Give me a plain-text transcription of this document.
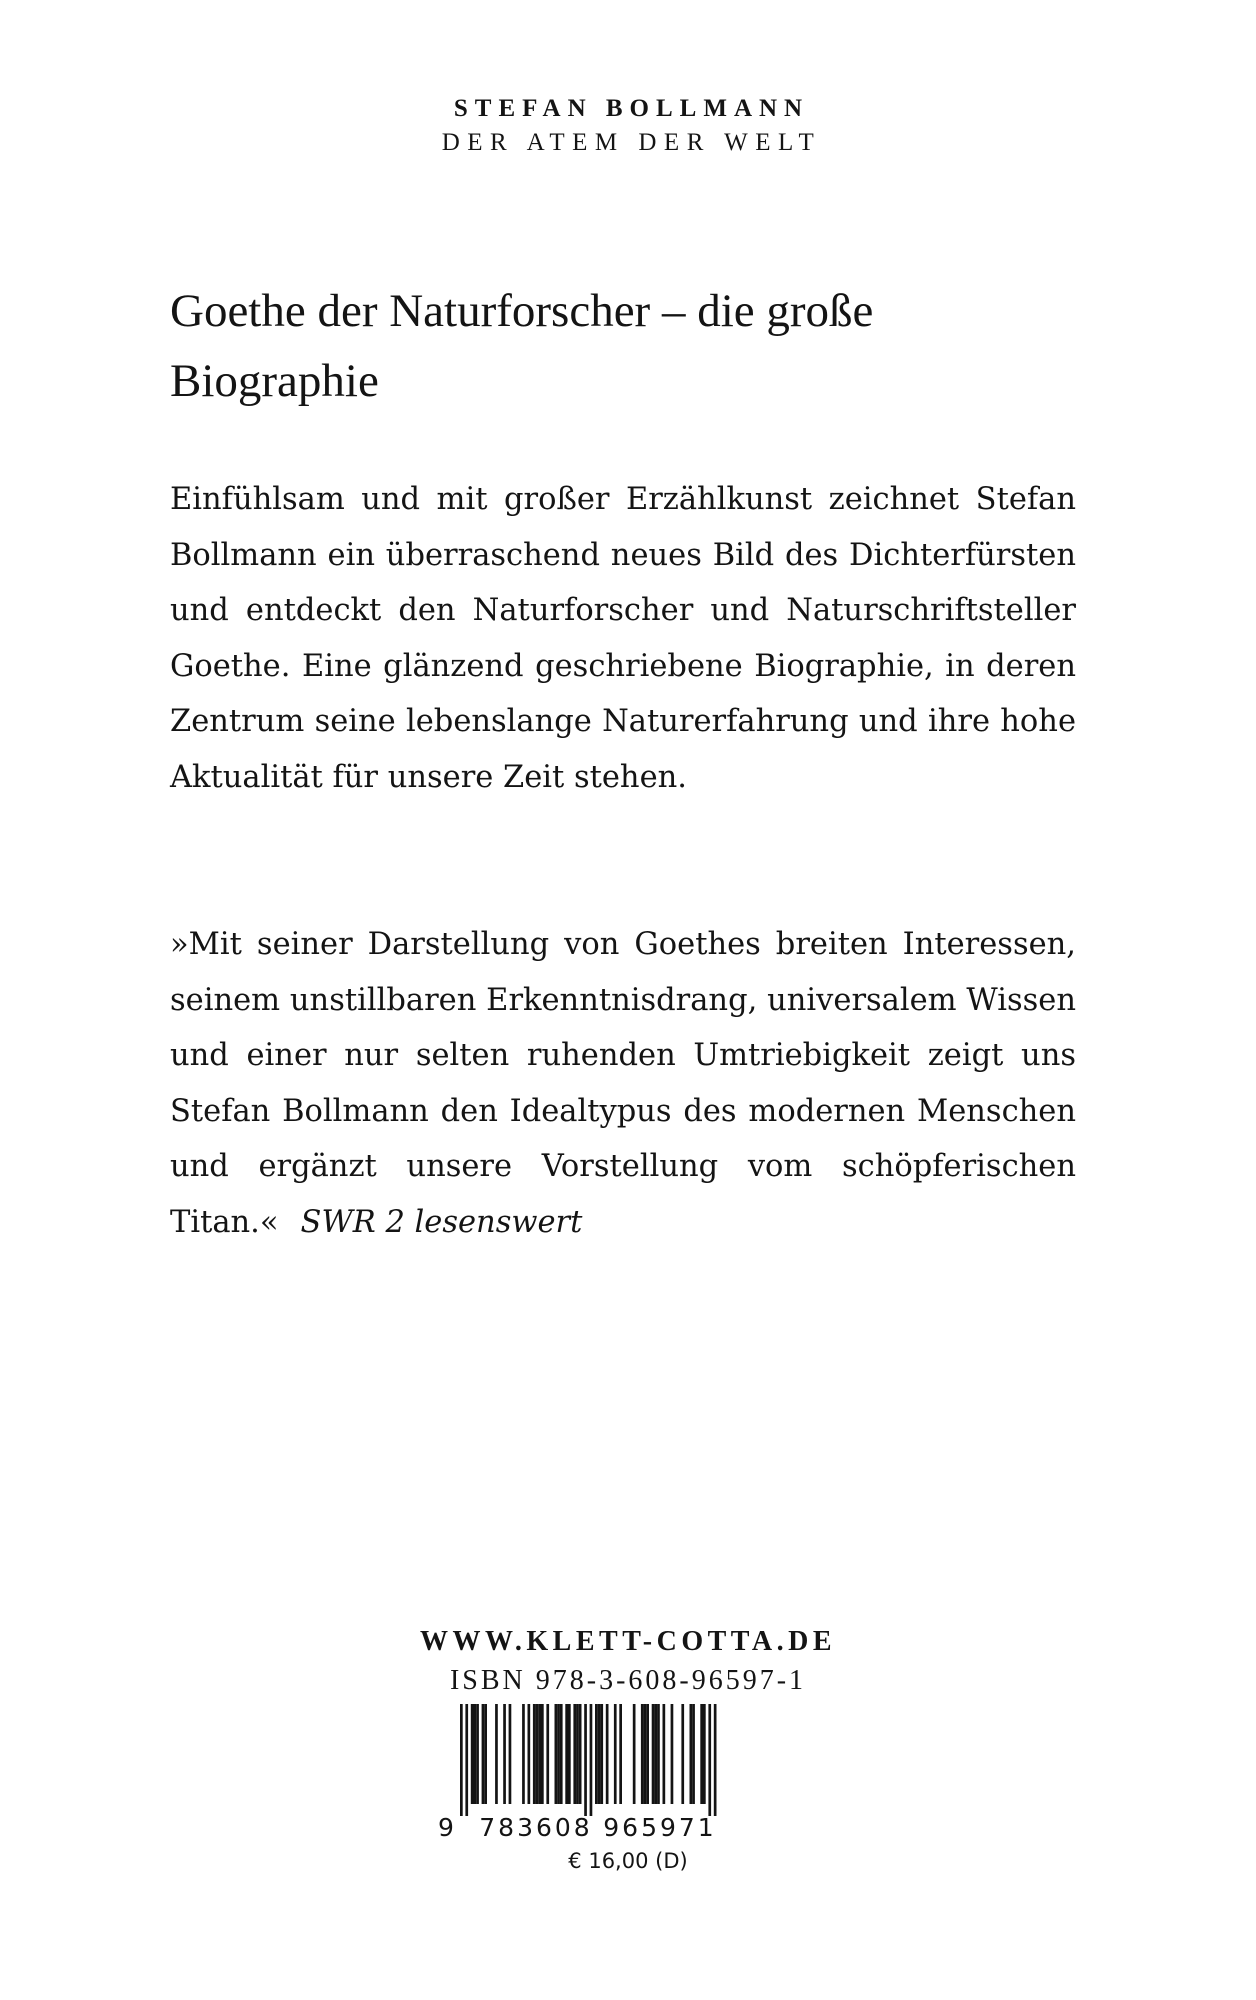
STEFAN BOLLMANN
DER ATEM DER WELT
Goethe der Naturforscher – die große Biographie

Einfühlsam und mit großer Erzählkunst zeichnet Stefan Bollmann ein überraschend neues Bild des Dichterfürsten und entdeckt den Naturforscher und Naturschriftsteller Goethe. Eine glänzend geschriebene Biographie, in deren Zentrum seine lebenslange Naturerfahrung und ihre hohe Aktualität für unsere Zeit stehen.

»Mit seiner Darstellung von Goethes breiten Interessen, seinem unstillbaren Erkenntnisdrang, universalem Wissen und einer nur selten ruhenden Umtriebigkeit zeigt uns Stefan Bollmann den Idealtypus des modernen Menschen und ergänzt unsere Vorstellung vom schöpferischen Titan.« SWR 2 lesenswert

WWW.KLETT-COTTA.DE
ISBN 978-3-608-96597-1
9 783608 965971
€ 16,00 (D)
